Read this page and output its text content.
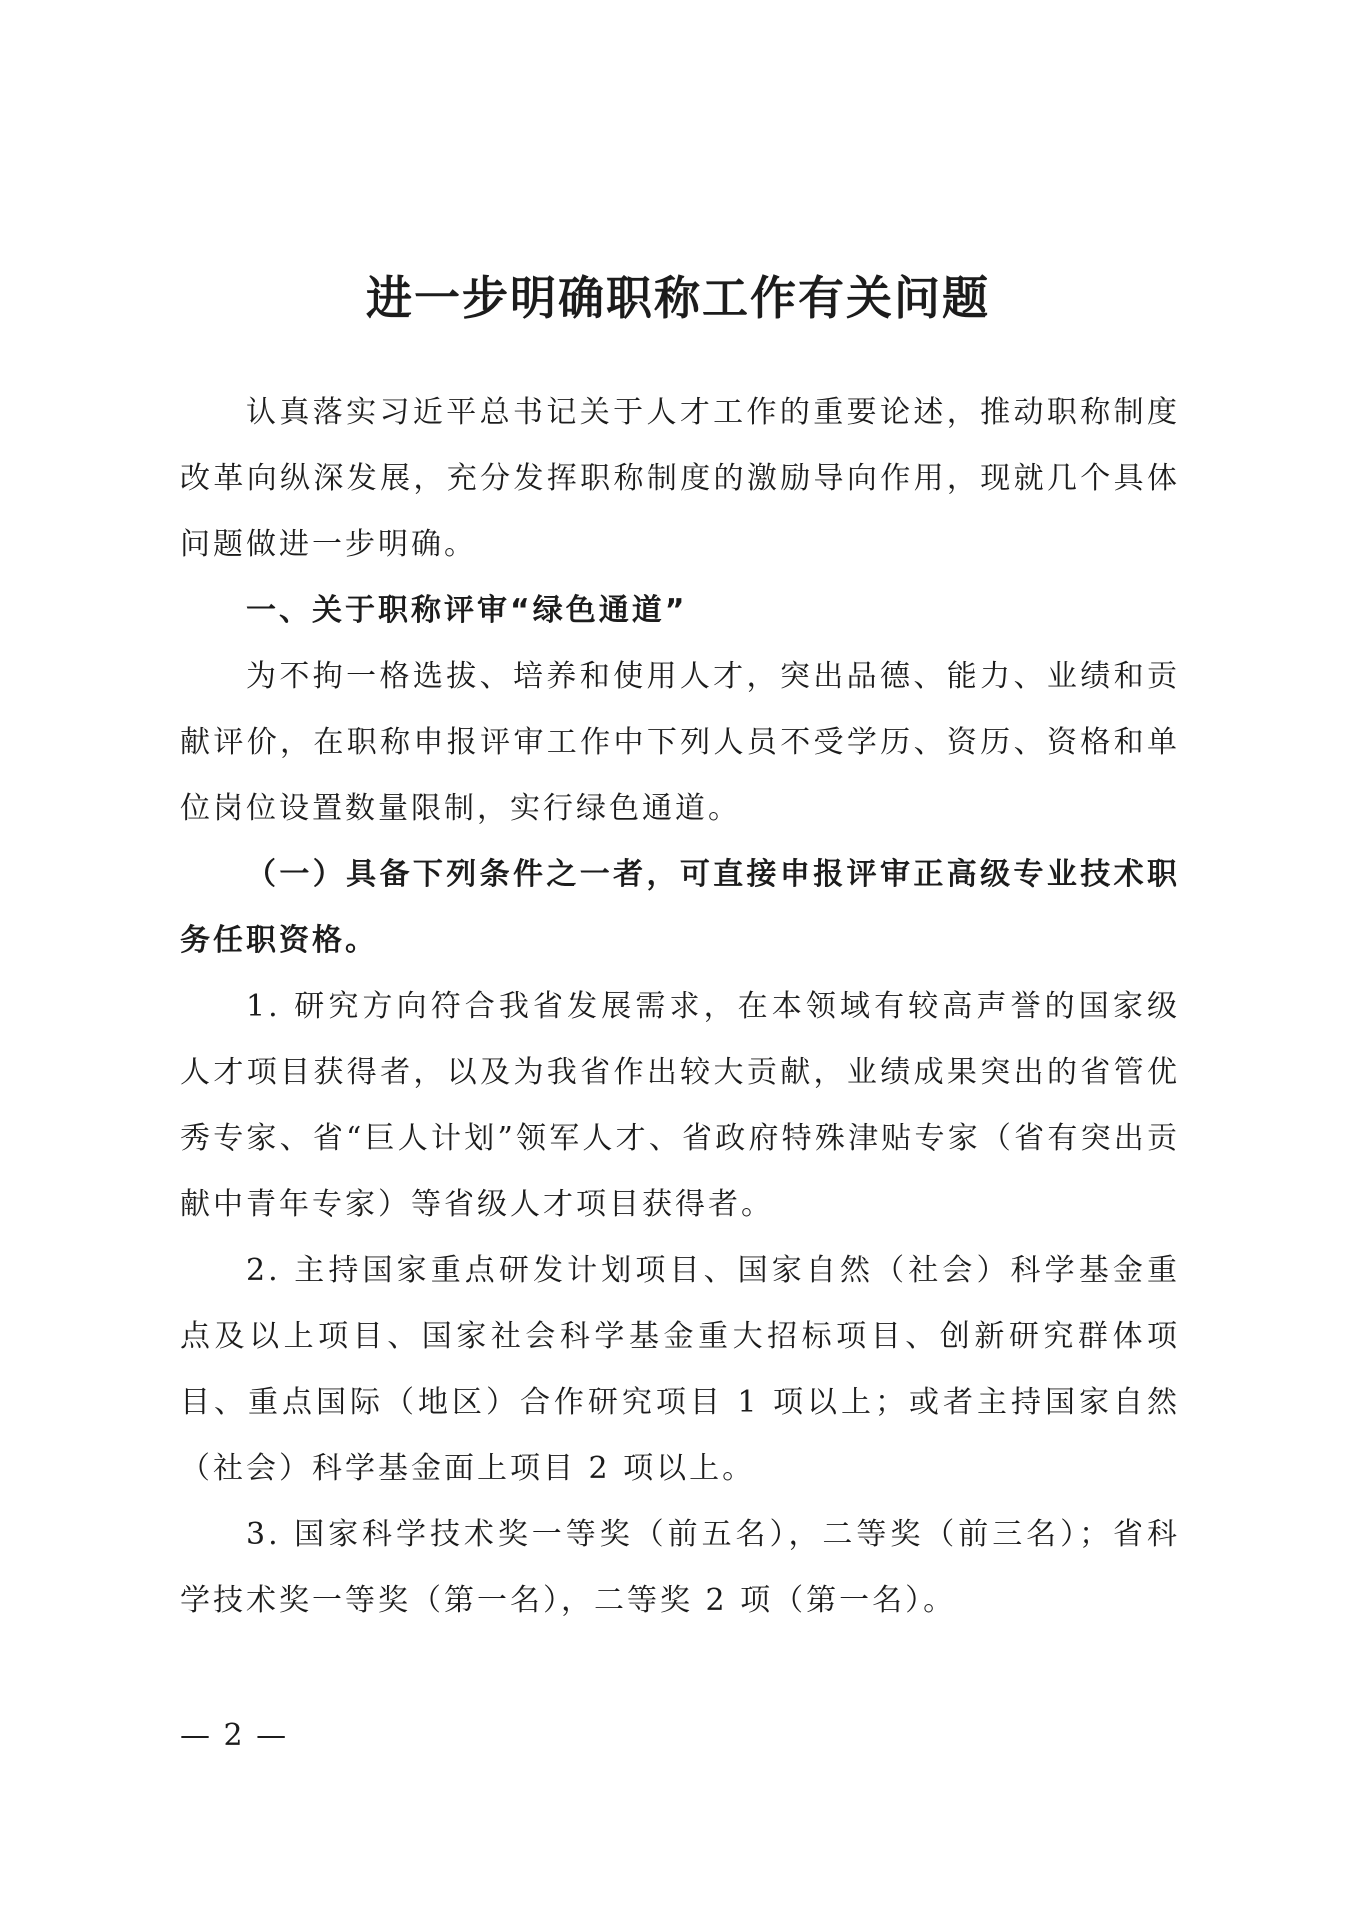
进一步明确职称工作有关问题

认真落实习近平总书记关于人才工作的重要论述，推动职称制度改革向纵深发展，充分发挥职称制度的激励导向作用，现就几个具体问题做进一步明确。

一、关于职称评审“绿色通道”

为不拘一格选拔、培养和使用人才，突出品德、能力、业绩和贡献评价，在职称申报评审工作中下列人员不受学历、资历、资格和单位岗位设置数量限制，实行绿色通道。

（一）具备下列条件之一者，可直接申报评审正高级专业技术职务任职资格。

1. 研究方向符合我省发展需求，在本领域有较高声誉的国家级人才项目获得者，以及为我省作出较大贡献，业绩成果突出的省管优秀专家、省“巨人计划”领军人才、省政府特殊津贴专家（省有突出贡献中青年专家）等省级人才项目获得者。

2. 主持国家重点研发计划项目、国家自然（社会）科学基金重点及以上项目、国家社会科学基金重大招标项目、创新研究群体项目、重点国际（地区）合作研究项目 1 项以上；或者主持国家自然（社会）科学基金面上项目 2 项以上。

3. 国家科学技术奖一等奖（前五名），二等奖（前三名）；省科学技术奖一等奖（第一名），二等奖 2 项（第一名）。

— 2 —
